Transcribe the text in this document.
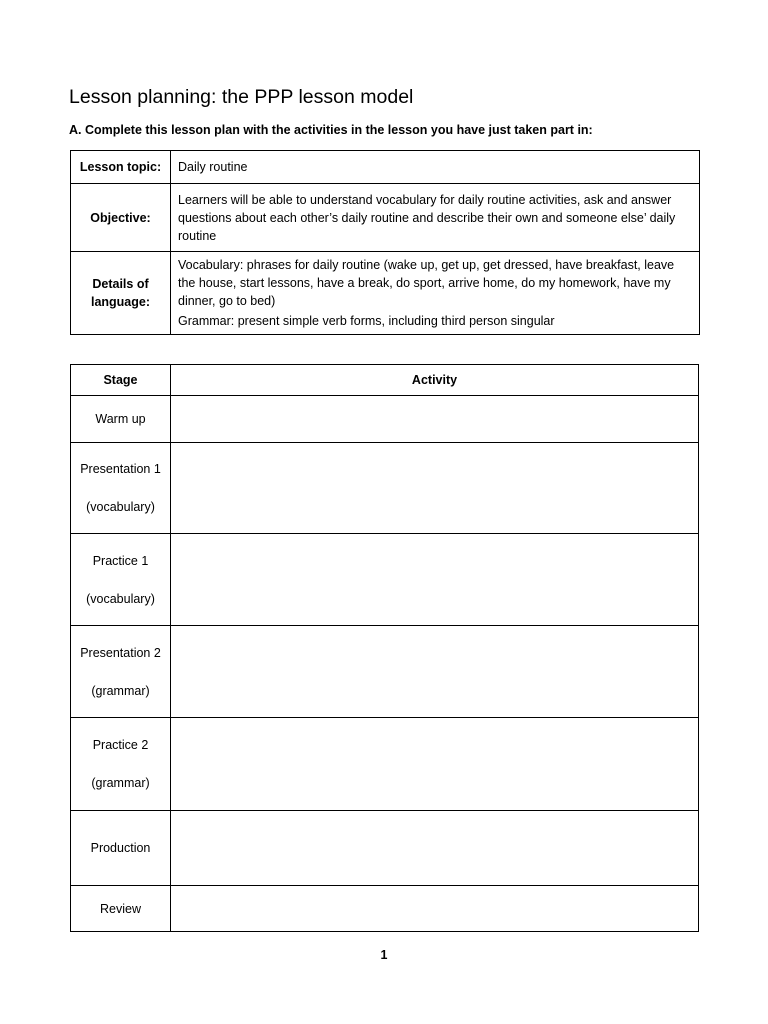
Lesson planning: the PPP lesson model
A. Complete this lesson plan with the activities in the lesson you have just taken part in:
Lesson topic:	Daily routine
Objective:	Learners will be able to understand vocabulary for daily routine activities, ask and answer questions about each other’s daily routine and describe their own and someone else’ daily routine
Details of language:	Vocabulary: phrases for daily routine (wake up, get up, get dressed, have breakfast, leave the house, start lessons, have a break, do sport, arrive home, do my homework, have my dinner, go to bed)
Grammar: present simple verb forms, including third person singular
Stage	Activity

Warm up	

Presentation 1
(vocabulary)	

Practice 1
(vocabulary)	

Presentation 2
(grammar)	

Practice 2
(grammar)	

Production	

Review	

1
